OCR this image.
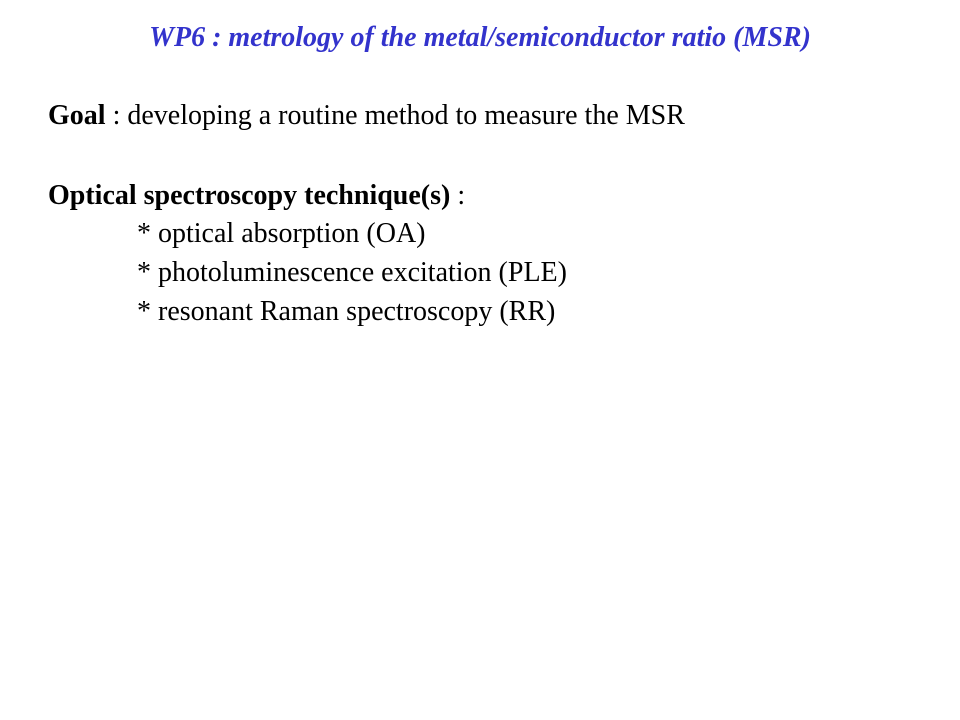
WP6 : metrology of the metal/semiconductor ratio (MSR)
Goal : developing a routine method to measure the MSR
Optical spectroscopy technique(s) :
* optical absorption (OA)
* photoluminescence excitation (PLE)
* resonant Raman spectroscopy (RR)
